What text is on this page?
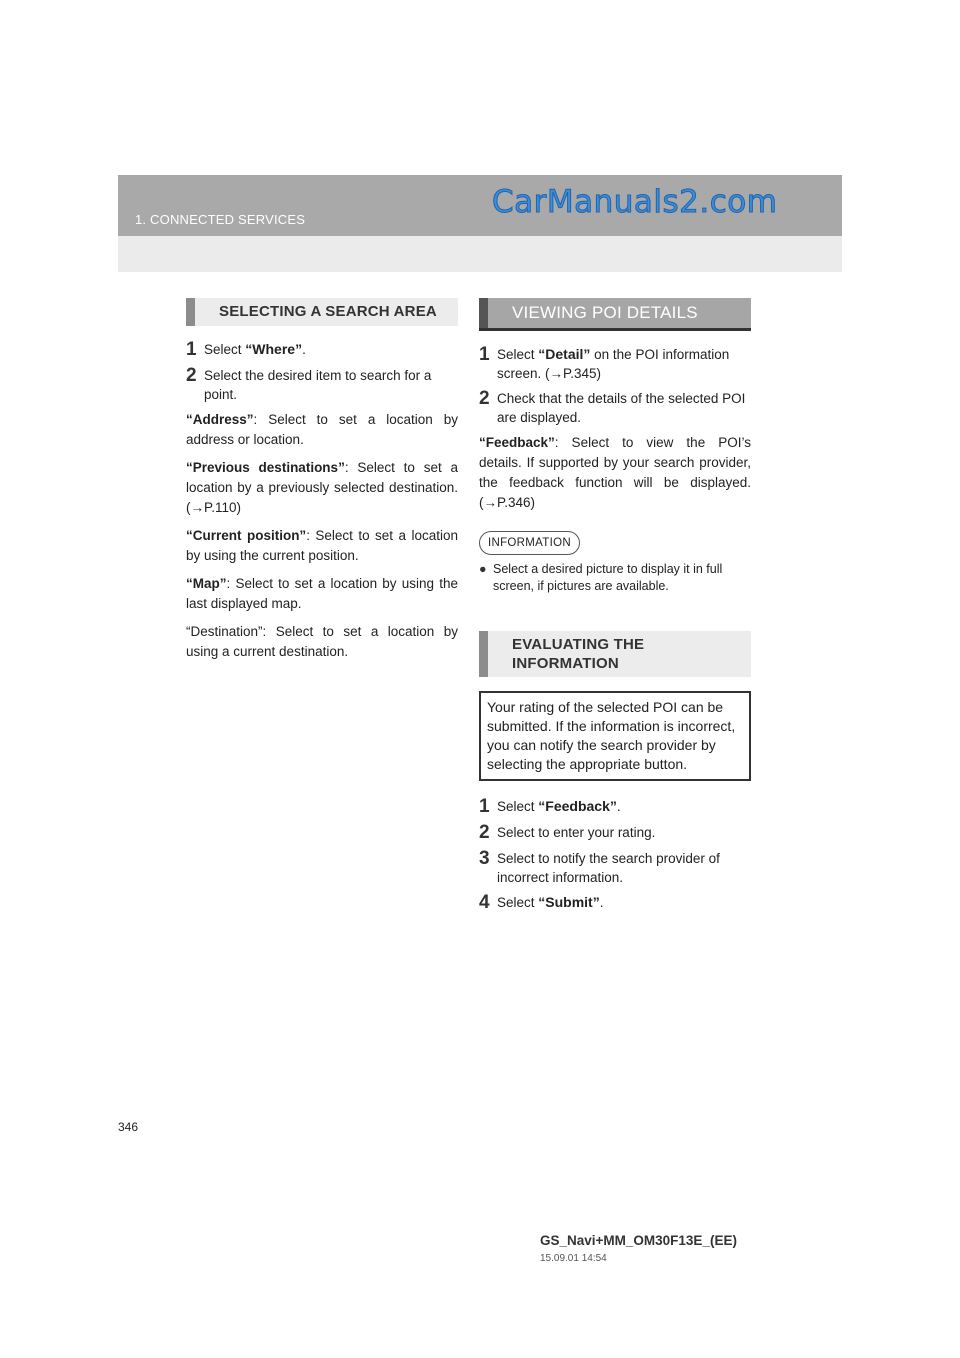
1. CONNECTED SERVICES	CarManuals2.com
SELECTING A SEARCH AREA
1 Select “Where”.
2 Select the desired item to search for a point.

“Address”: Select to set a location by address or location.

“Previous destinations”: Select to set a location by a previously selected destination. (→P.110)

“Current position”: Select to set a location by using the current position.

“Map”: Select to set a location by using the last displayed map.

“Destination”: Select to set a location by using a current destination.

VIEWING POI DETAILS
1 Select “Detail” on the POI information screen. (→P.345)
2 Check that the details of the selected POI are displayed.

“Feedback”: Select to view the POI’s details. If supported by your search provider, the feedback function will be displayed. (→P.346)

INFORMATION
● Select a desired picture to display it in full screen, if pictures are available.
EVALUATING THE
INFORMATION
Your rating of the selected POI can be submitted. If the information is incorrect, you can notify the search provider by selecting the appropriate button.
1 Select “Feedback”.
2 Select to enter your rating.
3 Select to notify the search provider of incorrect information.
4 Select “Submit”.
346
GS_Navi+MM_OM30F13E_(EE)
15.09.01 14:54
